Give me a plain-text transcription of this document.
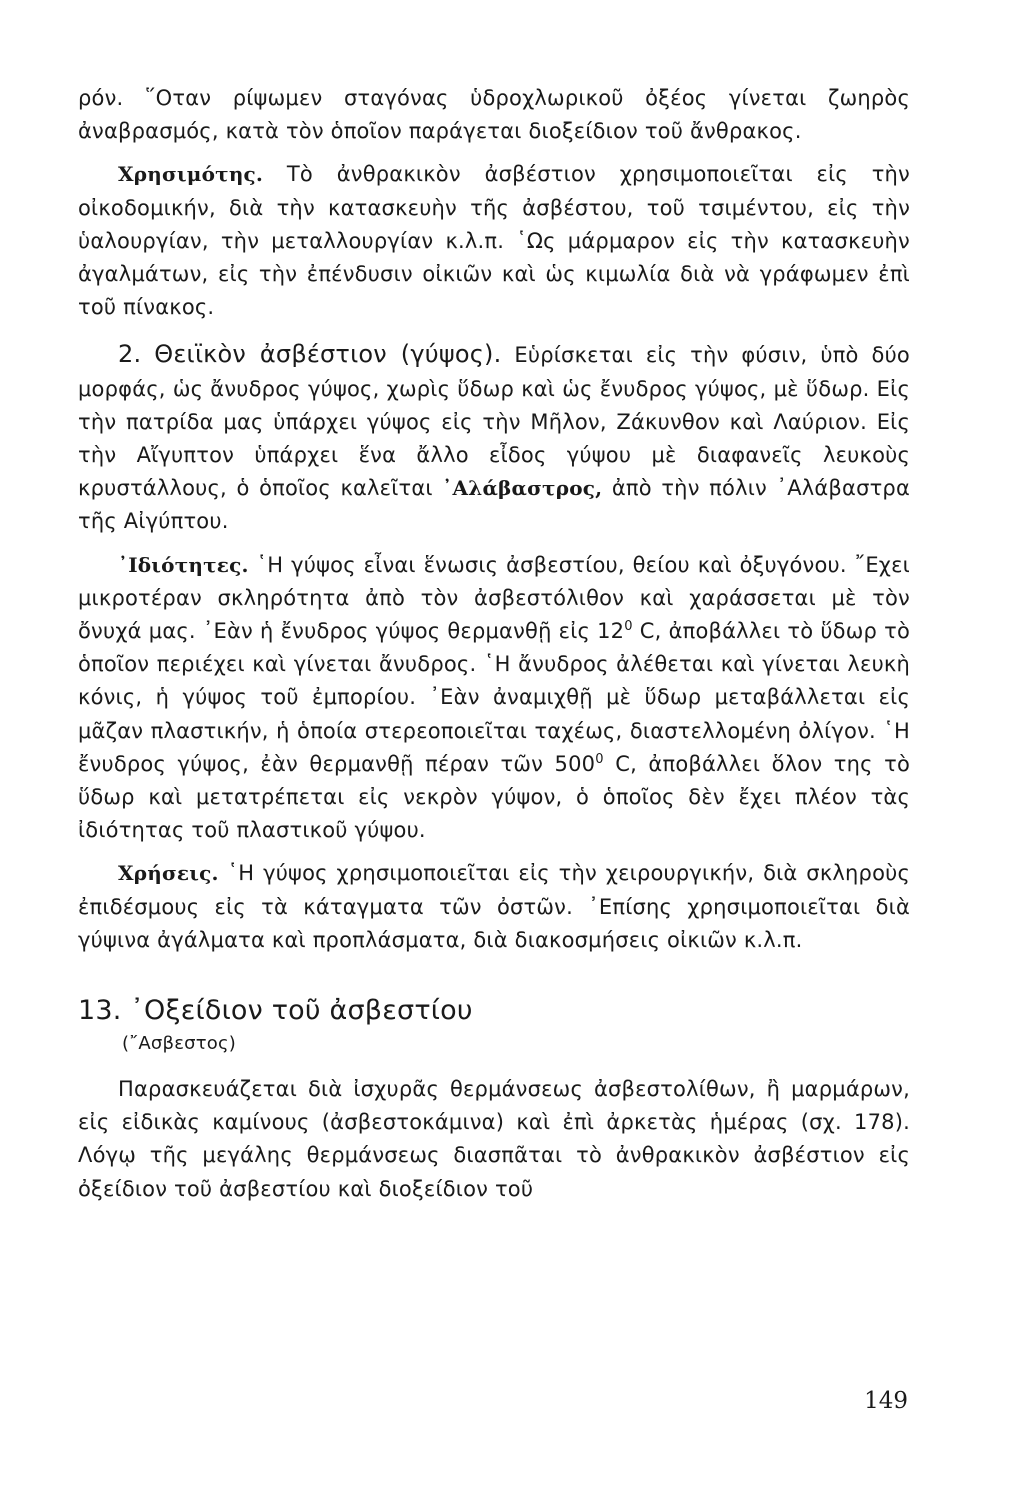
ρόν. ῞Οταν ρίψωμεν σταγόνας ὑδροχλωρικοῦ ὀξέος γίνεται ζωηρὸς ἀναβρασμός, κατὰ τὸν ὁποῖον παράγεται διοξείδιον τοῦ ἄνθρακος.

Χρησιμότης. Τὸ ἀνθρακικὸν ἀσβέστιον χρησιμοποιεῖται εἰς τὴν οἰκοδομικήν, διὰ τὴν κατασκευὴν τῆς ἀσβέστου, τοῦ τσιμέντου, εἰς τὴν ὑαλουργίαν, τὴν μεταλλουργίαν κ.λ.π. ῾Ως μάρμαρον εἰς τὴν κατασκευὴν ἀγαλμάτων, εἰς τὴν ἐπένδυσιν οἰκιῶν καὶ ὡς κιμωλία διὰ νὰ γράφωμεν ἐπὶ τοῦ πίνακος.

2. Θειϊκὸν ἀσβέστιον (γύψος). Εὑρίσκεται εἰς τὴν φύσιν, ὑπὸ δύο μορφάς, ὡς ἄνυδρος γύψος, χωρὶς ὕδωρ καὶ ὡς ἔνυδρος γύψος, μὲ ὕδωρ. Εἰς τὴν πατρίδα μας ὑπάρχει γύψος εἰς τὴν Μῆλον, Ζάκυνθον καὶ Λαύριον. Εἰς τὴν Αἴγυπτον ὑπάρχει ἕνα ἄλλο εἶδος γύψου μὲ διαφανεῖς λευκοὺς κρυστάλλους, ὁ ὁποῖος καλεῖται ᾿Αλάβαστρος, ἀπὸ τὴν πόλιν ᾿Αλάβαστρα τῆς Αἰγύπτου.

᾿Ιδιότητες. ῾Η γύψος εἶναι ἕνωσις ἀσβεστίου, θείου καὶ ὀξυγόνου. ῎Εχει μικροτέραν σκληρότητα ἀπὸ τὸν ἀσβεστόλιθον καὶ χαράσσεται μὲ τὸν ὄνυχά μας. ᾿Εὰν ἡ ἔνυδρος γύψος θερμανθῇ εἰς $12^0$ C, ἀποβάλλει τὸ ὕδωρ τὸ ὁποῖον περιέχει καὶ γίνεται ἄνυδρος. ῾Η ἄνυδρος ἀλέθεται καὶ γίνεται λευκὴ κόνις, ἡ γύψος τοῦ ἐμπορίου. ᾿Εὰν ἀναμιχθῇ μὲ ὕδωρ μεταβάλλεται εἰς μᾶζαν πλαστικήν, ἡ ὁποία στερεοποιεῖται ταχέως, διαστελλομένη ὀλίγον. ῾Η ἔνυδρος γύψος, ἐὰν θερμανθῇ πέραν τῶν $500^0$ C, ἀποβάλλει ὅλον της τὸ ὕδωρ καὶ μετατρέπεται εἰς νεκρὸν γύψον, ὁ ὁποῖος δὲν ἔχει πλέον τὰς ἰδιότητας τοῦ πλαστικοῦ γύψου.

Χρήσεις. ῾Η γύψος χρησιμοποιεῖται εἰς τὴν χειρουργικήν, διὰ σκληροὺς ἐπιδέσμους εἰς τὰ κάταγματα τῶν ὀστῶν. ᾿Επίσης χρησιμοποιεῖται διὰ γύψινα ἀγάλματα καὶ προπλάσματα, διὰ διακοσμήσεις οἰκιῶν κ.λ.π.

13. ᾿Οξείδιον τοῦ ἀσβεστίου
(῎Ασβεστος)

Παρασκευάζεται διὰ ἰσχυρᾶς θερμάνσεως ἀσβεστολίθων, ἢ μαρμάρων, εἰς εἰδικὰς καμίνους (ἀσβεστοκάμινα) καὶ ἐπὶ ἀρκετὰς ἡμέρας (σχ. 178). Λόγῳ τῆς μεγάλης θερμάνσεως διασπᾶται τὸ ἀνθρακικὸν ἀσβέστιον εἰς ὀξείδιον τοῦ ἀσβεστίου καὶ διοξείδιον τοῦ

149
